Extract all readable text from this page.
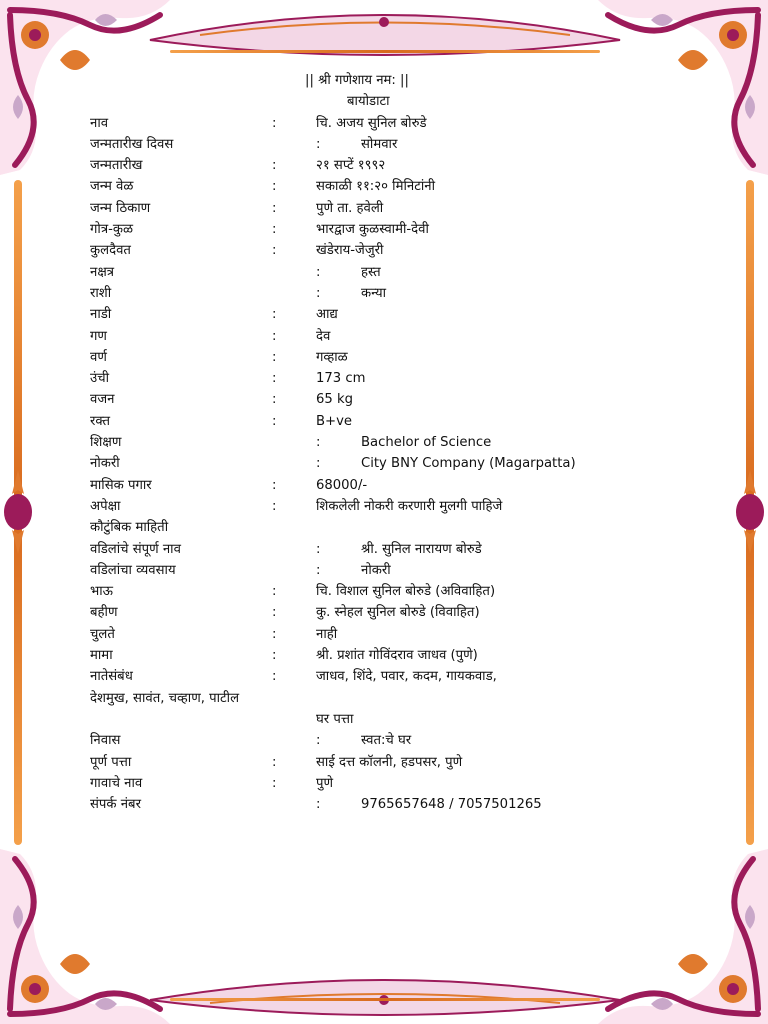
|| श्री गणेशाय नम: ||
बायोडाटा
नाव	:	चि. अजय सुनिल बोरुडे
जन्मतारीख दिवस	:	सोमवार
जन्मतारीख	:	२१ सप्टें १९९२
जन्म वेळ	:	सकाळी ११:२० मिनिटांनी
जन्म ठिकाण	:	पुणे ता. हवेली
गोत्र-कुळ	:	भारद्वाज कुळस्वामी-देवी
कुलदैवत	:	खंडेराय-जेजुरी
नक्षत्र	:	हस्त
राशी	:	कन्या
नाडी	:	आद्य
गण	:	देव
वर्ण	:	गव्हाळ
उंची	:	173 cm
वजन	:	65 kg
रक्त	:	B+ve
शिक्षण	:	Bachelor of Science
नोकरी	:	City BNY Company (Magarpatta)
मासिक पगार	:	68000/-
अपेक्षा	:	शिकलेली नोकरी करणारी मुलगी पाहिजे
कौटुंबिक माहिती
वडिलांचे संपूर्ण नाव	:	श्री. सुनिल नारायण बोरुडे
वडिलांचा व्यवसाय	:	नोकरी
भाऊ	:	चि. विशाल सुनिल बोरुडे (अविवाहित)
बहीण	:	कु. स्नेहल सुनिल बोरुडे (विवाहित)
चुलते	:	नाही
मामा	:	श्री. प्रशांत गोविंदराव जाधव (पुणे)
नातेसंबंध	:	जाधव, शिंदे, पवार, कदम, गायकवाड,
देशमुख, सावंत, चव्हाण, पाटील
घर पत्ता
निवास	:	स्वत:चे घर
पूर्ण पत्ता	:	साई दत्त कॉलनी, हडपसर, पुणे
गावाचे नाव	:	पुणे
संपर्क नंबर	:	9765657648 / 7057501265
